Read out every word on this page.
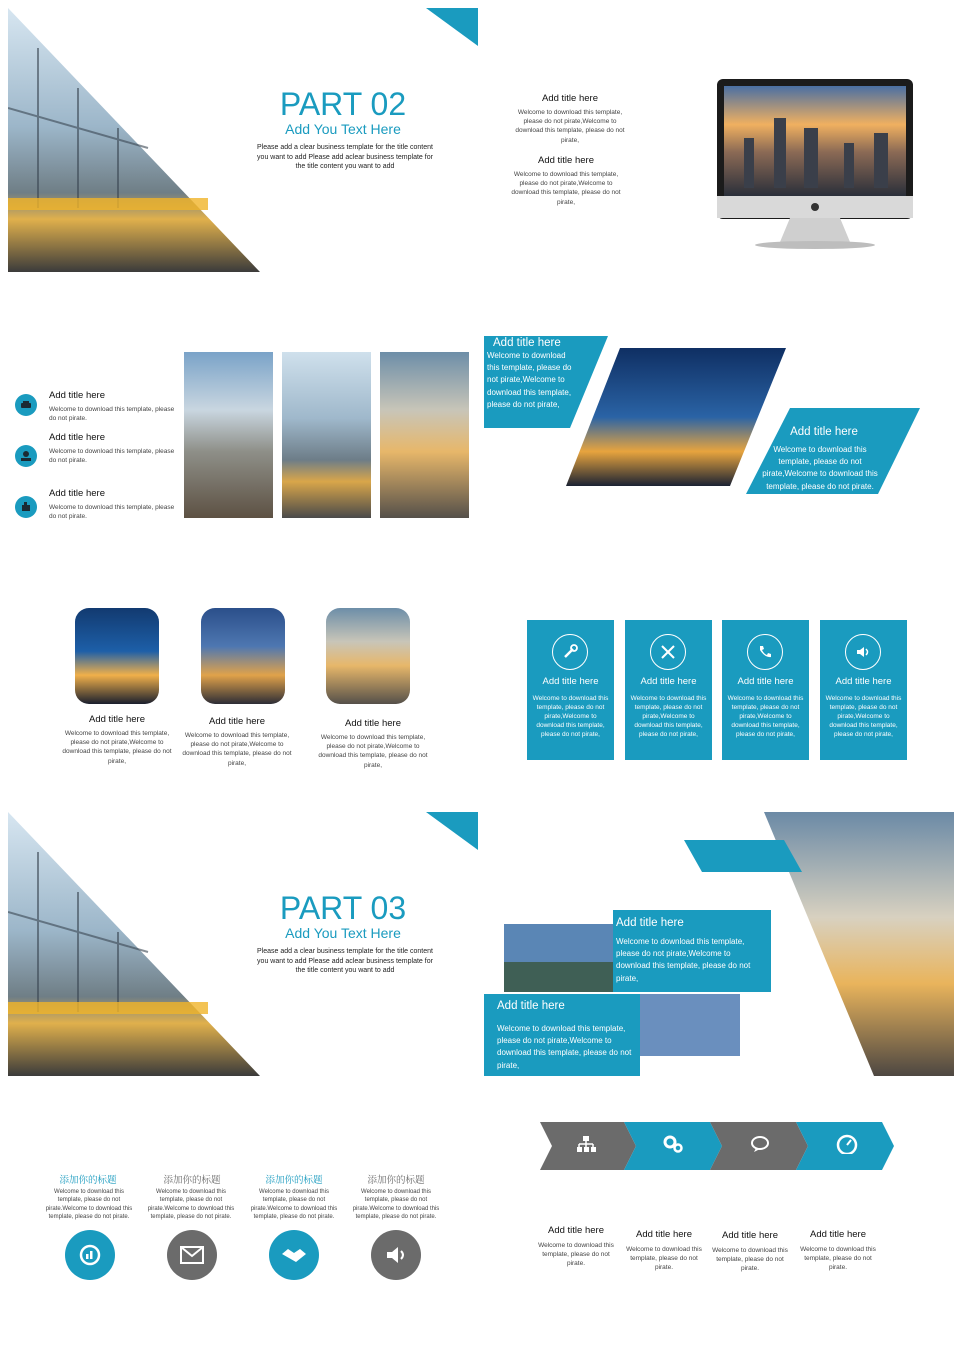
PART 02
Add You Text Here
Please add a clear business template for the title content you want to add Please add aclear business template for the title content you want to add
Add title here
Welcome to download this template, please do not pirate,Welcome to download this template, please do not pirate,
Add title here
Welcome to download this template, please do not pirate,Welcome to download this template, please do not pirate,
Add title here
Welcome to download this template, please do not pirate.
Add title here
Welcome to download this template, please do not pirate.
Add title here
Welcome to download this template, please do not pirate.
Add title here
Welcome to download this template, please do not pirate,Welcome to download this template, please do not pirate,
Add title here
Welcome to download this template, please do not pirate,Welcome to download this template, please do not pirate.
Add title here
Welcome to download this template, please do not pirate,Welcome to download this template, please do not pirate,
Add title here
Welcome to download this template, please do not pirate,Welcome to download this template, please do not pirate,
Add title here
Welcome to download this template, please do not pirate,Welcome to download this template, please do not pirate,
Add title here
Welcome to download this template, please do not pirate,Welcome to download this template, please do not pirate,
Add title here
Welcome to download this template, please do not pirate,Welcome to download this template, please do not pirate,
Add title here
Welcome to download this template, please do not pirate,Welcome to download this template, please do not pirate,
Add title here
Welcome to download this template, please do not pirate,Welcome to download this template, please do not pirate,
PART 03
Add You Text Here
Please add a clear business template for the title content you want to add Please add aclear business template for the title content you want to add
Add title here
Welcome to download this template, please do not pirate,Welcome to download this template, please do not pirate,
Add title here
Welcome to download this template, please do not pirate,Welcome to download this template, please do not pirate,
添加你的标题
Welcome to download this template, please do not pirate.Welcome to download this template, please do not pirate.
添加你的标题
Welcome to download this template, please do not pirate.Welcome to download this template, please do not pirate.
添加你的标题
Welcome to download this template, please do not pirate.Welcome to download this template, please do not pirate.
添加你的标题
Welcome to download this template, please do not pirate.Welcome to download this template, please do not pirate.
Add title here
Welcome to download this template, please do not pirate.
Add title here
Welcome to download this template, please do not pirate.
Add title here
Welcome to download this template, please do not pirate.
Add title here
Welcome to download this template, please do not pirate.
